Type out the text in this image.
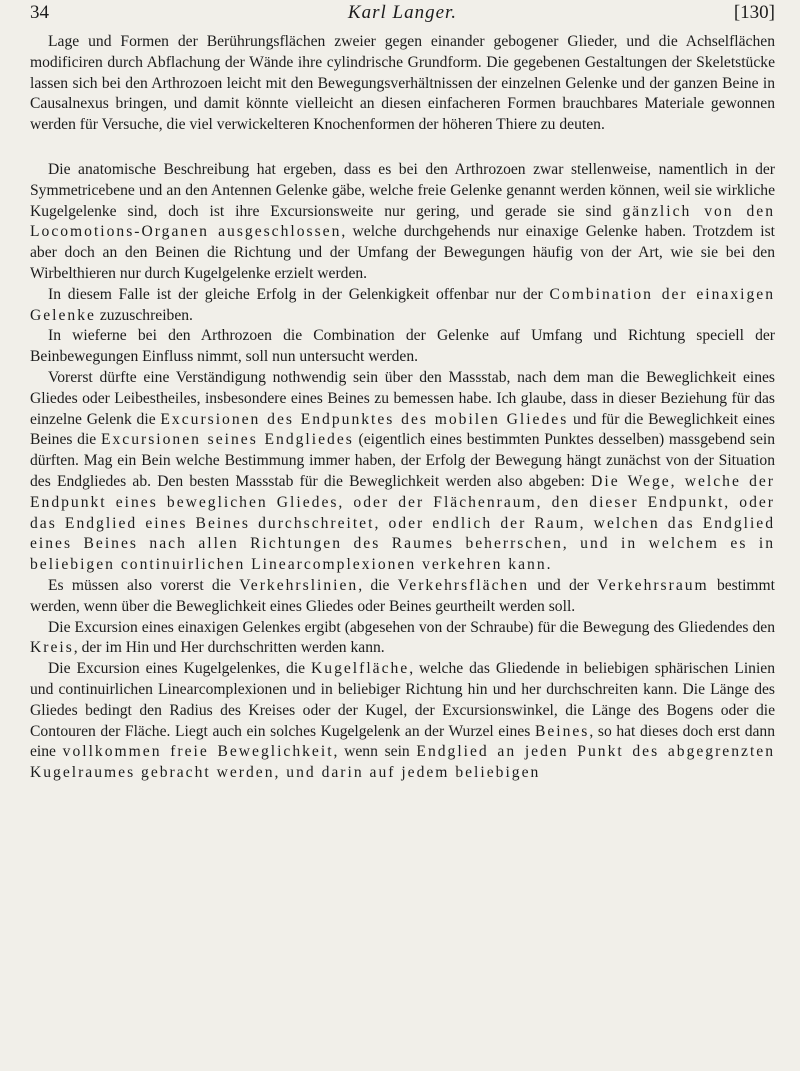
34	Karl Langer.	[130]

Lage und Formen der Berührungsflächen zweier gegen einander gebogener Glieder, und die Achselflächen modificiren durch Abflachung der Wände ihre cylindrische Grundform. Die gegebenen Gestaltungen der Skeletstücke lassen sich bei den Arthrozoen leicht mit den Bewegungsverhältnissen der einzelnen Gelenke und der ganzen Beine in Causalnexus bringen, und damit könnte vielleicht an diesen einfacheren Formen brauchbares Materiale gewonnen werden für Versuche, die viel verwickelteren Knochenformen der höheren Thiere zu deuten.

Die anatomische Beschreibung hat ergeben, dass es bei den Arthrozoen zwar stellenweise, namentlich in der Symmetricebene und an den Antennen Gelenke gäbe, welche freie Gelenke genannt werden können, weil sie wirkliche Kugelgelenke sind, doch ist ihre Excursionsweite nur gering, und gerade sie sind gänzlich von den Locomotions-Organen ausgeschlossen, welche durchgehends nur einaxige Gelenke haben. Trotzdem ist aber doch an den Beinen die Richtung und der Umfang der Bewegungen häufig von der Art, wie sie bei den Wirbelthieren nur durch Kugelgelenke erzielt werden.

In diesem Falle ist der gleiche Erfolg in der Gelenkigkeit offenbar nur der Combination der einaxigen Gelenke zuzuschreiben.

In wieferne bei den Arthrozoen die Combination der Gelenke auf Umfang und Richtung speciell der Beinbewegungen Einfluss nimmt, soll nun untersucht werden.

Vorerst dürfte eine Verständigung nothwendig sein über den Massstab, nach dem man die Beweglichkeit eines Gliedes oder Leibestheiles, insbesondere eines Beines zu bemessen habe. Ich glaube, dass in dieser Beziehung für das einzelne Gelenk die Excursionen des Endpunktes des mobilen Gliedes und für die Beweglichkeit eines Beines die Excursionen seines Endgliedes (eigentlich eines bestimmten Punktes desselben) massgebend sein dürften. Mag ein Bein welche Bestimmung immer haben, der Erfolg der Bewegung hängt zunächst von der Situation des Endgliedes ab. Den besten Massstab für die Beweglichkeit werden also abgeben: Die Wege, welche der Endpunkt eines beweglichen Gliedes, oder der Flächenraum, den dieser Endpunkt, oder das Endglied eines Beines durchschreitet, oder endlich der Raum, welchen das Endglied eines Beines nach allen Richtungen des Raumes beherrschen, und in welchem es in beliebigen continuirlichen Linearcomplexionen verkehren kann.

Es müssen also vorerst die Verkehrslinien, die Verkehrsflächen und der Verkehrsraum bestimmt werden, wenn über die Beweglichkeit eines Gliedes oder Beines geurtheilt werden soll.

Die Excursion eines einaxigen Gelenkes ergibt (abgesehen von der Schraube) für die Bewegung des Gliedendes den Kreis, der im Hin und Her durchschritten werden kann.

Die Excursion eines Kugelgelenkes, die Kugelfläche, welche das Gliedende in beliebigen sphärischen Linien und continuirlichen Linearcomplexionen und in beliebiger Richtung hin und her durchschreiten kann. Die Länge des Gliedes bedingt den Radius des Kreises oder der Kugel, der Excursionswinkel, die Länge des Bogens oder die Contouren der Fläche. Liegt auch ein solches Kugelgelenk an der Wurzel eines Beines, so hat dieses doch erst dann eine vollkommen freie Beweglichkeit, wenn sein Endglied an jeden Punkt des abgegrenzten Kugelraumes gebracht werden, und darin auf jedem beliebigen
